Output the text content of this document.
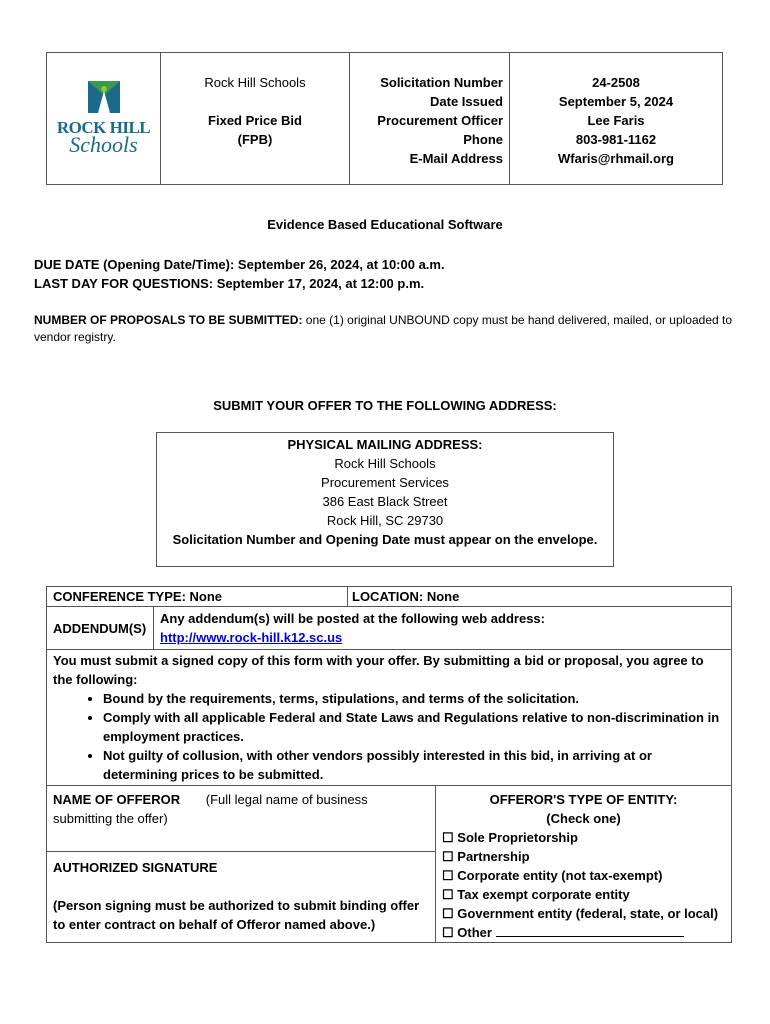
ROCK HILL
Schools
Rock Hill Schools
Fixed Price Bid
(FPB)
Solicitation Number
Date Issued
Procurement Officer
Phone
E-Mail Address
24-2508
September 5, 2024
Lee Faris
803-981-1162
Wfaris@rhmail.org
Evidence Based Educational Software
DUE DATE (Opening Date/Time): September 26, 2024, at 10:00 a.m.
LAST DAY FOR QUESTIONS: September 17, 2024, at 12:00 p.m.
NUMBER OF PROPOSALS TO BE SUBMITTED: one (1) original UNBOUND copy must be hand delivered, mailed, or uploaded to vendor registry.
SUBMIT YOUR OFFER TO THE FOLLOWING ADDRESS:
PHYSICAL MAILING ADDRESS:
Rock Hill Schools
Procurement Services
386 East Black Street
Rock Hill, SC 29730
Solicitation Number and Opening Date must appear on the envelope.
CONFERENCE TYPE: None	LOCATION: None
ADDENDUM(S)
Any addendum(s) will be posted at the following web address:
http://www.rock-hill.k12.sc.us
You must submit a signed copy of this form with your offer. By submitting a bid or proposal, you agree to the following:
• Bound by the requirements, terms, stipulations, and terms of the solicitation.
• Comply with all applicable Federal and State Laws and Regulations relative to non-discrimination in employment practices.
• Not guilty of collusion, with other vendors possibly interested in this bid, in arriving at or determining prices to be submitted.
NAME OF OFFEROR (Full legal name of business submitting the offer)
AUTHORIZED SIGNATURE
(Person signing must be authorized to submit binding offer to enter contract on behalf of Offeror named above.)
OFFEROR'S TYPE OF ENTITY:
(Check one)
☐ Sole Proprietorship
☐ Partnership
☐ Corporate entity (not tax-exempt)
☐ Tax exempt corporate entity
☐ Government entity (federal, state, or local)
☐ Other
